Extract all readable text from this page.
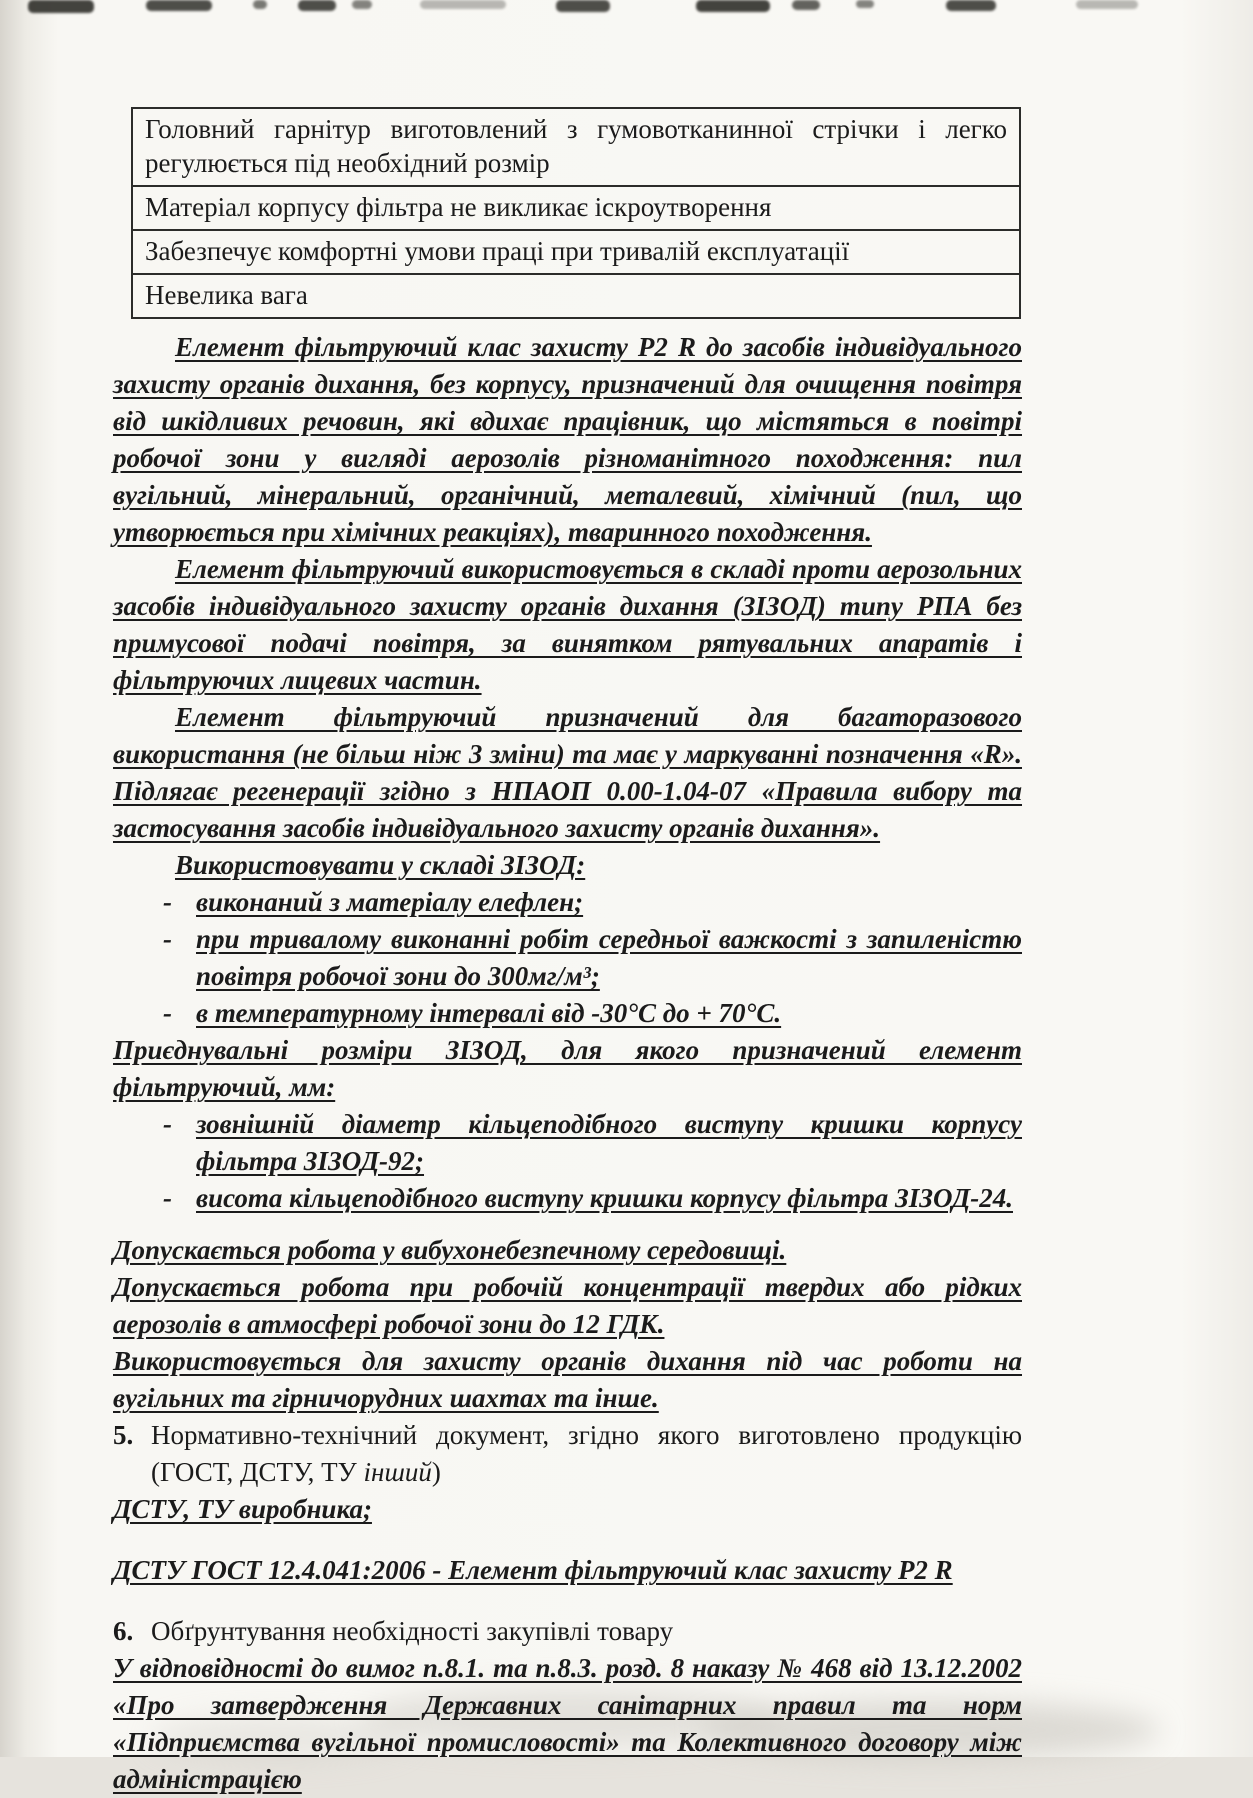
Головний гарнітур виготовлений з гумовотканинної стрічки і легко регулюється під необхідний розмір
Матеріал корпусу фільтра не викликає іскроутворення
Забезпечує комфортні умови праці при тривалій експлуатації
Невелика вага
Елемент фільтруючий клас захисту P2 R до засобів індивідуального захисту органів дихання, без корпусу, призначений для очищення повітря від шкідливих речовин, які вдихає працівник, що містяться в повітрі робочої зони у вигляді аерозолів різноманітного походження: пил вугільний, мінеральний, органічний, металевий, хімічний (пил, що утворюється при хімічних реакціях), тваринного походження.
Елемент фільтруючий використовується в складі проти аерозольних засобів індивідуального захисту органів дихання (ЗІЗОД) типу РПА без примусової подачі повітря, за винятком рятувальних апаратів і фільтруючих лицевих частин.
Елемент фільтруючий призначений для багаторазового використання (не більш ніж 3 зміни) та має у маркуванні позначення «R». Підлягає регенерації згідно з НПАОП 0.00-1.04-07 «Правила вибору та застосування засобів індивідуального захисту органів дихання».
Використовувати у складі ЗІЗОД:
- виконаний з матеріалу елефлен;
- при тривалому виконанні робіт середньої важкості з запиленістю повітря робочої зони до 300мг/м³;
- в температурному інтервалі від -30°С до + 70°С.
Приєднувальні розміри ЗІЗОД, для якого призначений елемент фільтруючий, мм:
- зовнішній діаметр кільцеподібного виступу кришки корпусу фільтра ЗІЗОД-92;
- висота кільцеподібного виступу кришки корпусу фільтра ЗІЗОД-24.
Допускається робота у вибухонебезпечному середовищі.
Допускається робота при робочій концентрації твердих або рідких аерозолів в атмосфері робочої зони до 12 ГДК.
Використовується для захисту органів дихання під час роботи на вугільних та гірничорудних шахтах та інше.
5. Нормативно-технічний документ, згідно якого виготовлено продукцію (ГОСТ, ДСТУ, ТУ інший)
ДСТУ, ТУ виробника;
ДСТУ ГОСТ 12.4.041:2006 - Елемент фільтруючий клас захисту P2 R
6. Обґрунтування необхідності закупівлі товару
У відповідності до вимог п.8.1. та п.8.3. розд. 8 наказу № 468 від 13.12.2002 «Про затвердження Державних санітарних правил та норм «Підприємства вугільної промисловості» та Колективного договору між адміністрацією
